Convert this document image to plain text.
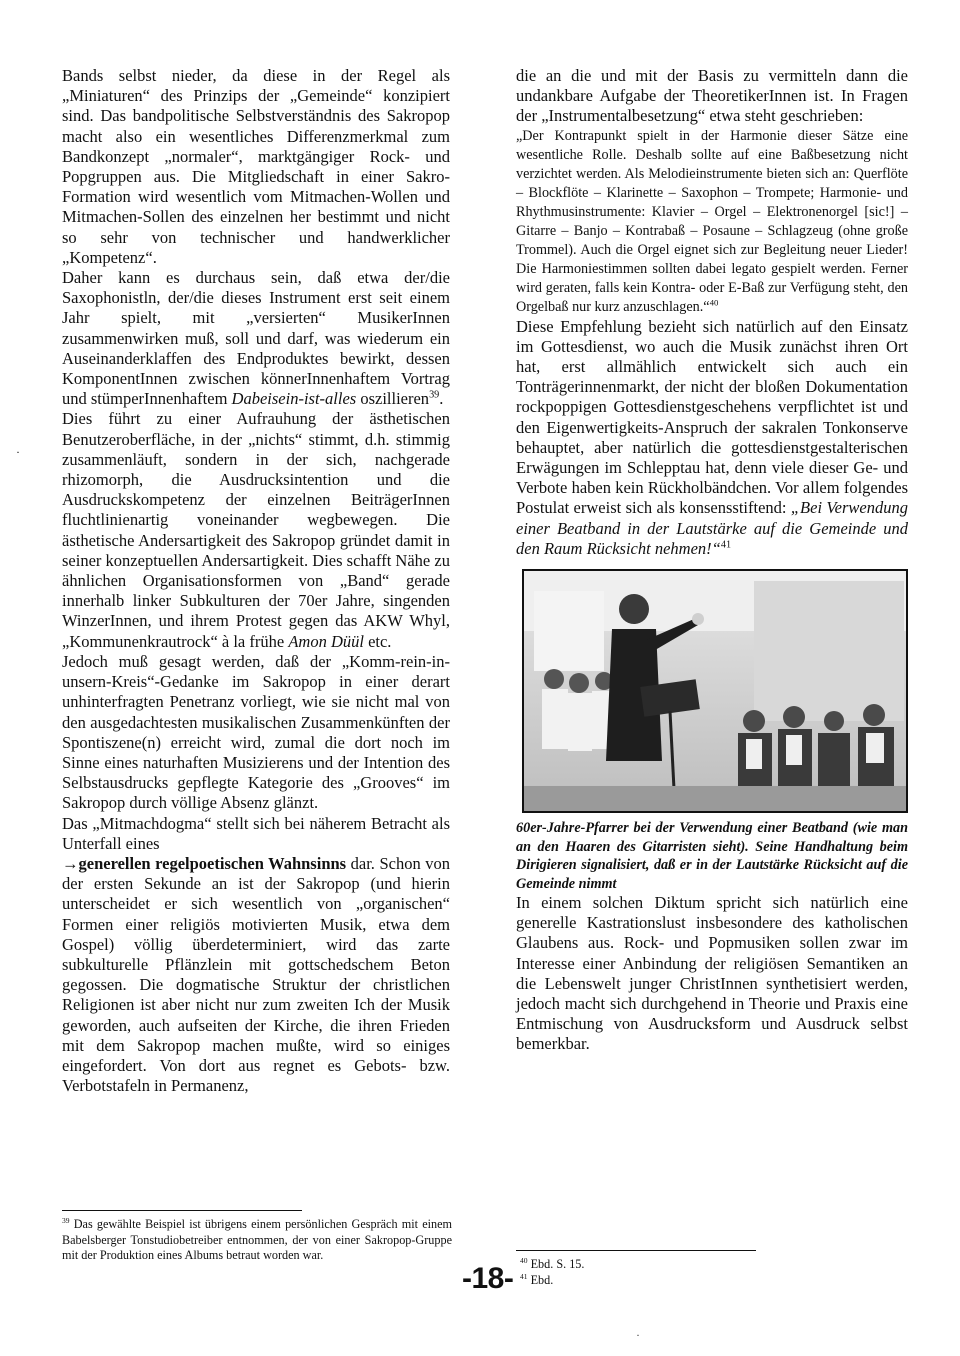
·

Bands selbst nieder, da diese in der Regel als „Miniaturen“ des Prinzips der „Gemeinde“ konzipiert sind. Das bandpolitische Selbstverständnis des Sakropop macht also ein wesentliches Differenzmerkmal zum Bandkonzept „normaler“, marktgängiger Rock- und Popgruppen aus. Die Mitgliedschaft in einer Sakro-Formation wird wesentlich vom Mitmachen-Wollen und Mitmachen-Sollen des einzelnen her bestimmt und nicht so sehr von technischer und handwerklicher „Kompetenz“.

Daher kann es durchaus sein, daß etwa der/die Saxophonistln, der/die dieses Instrument erst seit einem Jahr spielt, mit „versierten“ MusikerInnen zusammenwirken muß, soll und darf, was wiederum ein Auseinanderklaffen des Endproduktes bewirkt, dessen KomponentInnen zwischen könnerInnenhaftem Vortrag und stümperInnenhaftem Dabeisein-ist-alles oszillieren$^{39}$.

Dies führt zu einer Aufrauhung der ästhetischen Benutzeroberfläche, in der „nichts“ stimmt, d.h. stimmig zusammenläuft, sondern in der sich, nachgerade rhizomorph, die Ausdrucksintention und die Ausdruckskompetenz der einzelnen BeiträgerInnen fluchtlinienartig voneinander wegbewegen. Die ästhetische Andersartigkeit des Sakropop gründet damit in seiner konzeptuellen Andersartigkeit. Dies schafft Nähe zu ähnlichen Organisationsformen von „Band“ gerade innerhalb linker Subkulturen der 70er Jahre, singenden WinzerInnen, und ihrem Protest gegen das AKW Whyl, „Kommunenkrautrock“ à la frühe Amon Düül etc.

Jedoch muß gesagt werden, daß der „Komm-rein-in-unsern-Kreis“-Gedanke im Sakropop in einer derart unhinterfragten Penetranz vorliegt, wie sie nicht mal von den ausgedachtesten musikalischen Zusammenkünften der Spontiszene(n) erreicht wird, zumal die dort noch im Sinne eines naturhaften Musizierens und der Intention des Selbstausdrucks gepflegte Kategorie des „Grooves“ im Sakropop durch völlige Absenz glänzt.

Das „Mitmachdogma“ stellt sich bei näherem Betracht als Unterfall eines

→generellen regelpoetischen Wahnsinns dar. Schon von der ersten Sekunde an ist der Sakropop (und hierin unterscheidet er sich wesentlich von „organischen“ Formen einer religiös motivierten Musik, etwa dem Gospel) völlig überdeterminiert, wird das zarte subkulturelle Pflänzlein mit gottschedschem Beton gegossen. Die dogmatische Struktur der christlichen Religionen ist aber nicht nur zum zweiten Ich der Musik geworden, auch aufseiten der Kirche, die ihren Frieden mit dem Sakropop machen mußte, wird so einiges eingefordert. Von dort aus regnet es Gebots- bzw. Verbotstafeln in Permanenz,

die an die und mit der Basis zu vermitteln dann die undankbare Aufgabe der TheoretikerInnen ist. In Fragen der „Instrumentalbesetzung“ etwa steht geschrieben:

„Der Kontrapunkt spielt in der Harmonie dieser Sätze eine wesentliche Rolle. Deshalb sollte auf eine Baßbesetzung nicht verzichtet werden. Als Melodieinstrumente bieten sich an: Querflöte – Blockflöte – Klarinette – Saxophon – Trompete; Harmonie- und Rhythmusinstrumente: Klavier – Orgel – Elektronenorgel [sic!] – Gitarre – Banjo – Kontrabaß – Posaune – Schlagzeug (ohne große Trommel). Auch die Orgel eignet sich zur Begleitung neuer Lieder! Die Harmoniestimmen sollten dabei legato gespielt werden. Ferner wird geraten, falls kein Kontra- oder E-Baß zur Verfügung steht, den Orgelbaß nur kurz anzuschlagen.“$^{40}$

Diese Empfehlung bezieht sich natürlich auf den Einsatz im Gottesdienst, wo auch die Musik zunächst ihren Ort hat, erst allmählich entwickelt sich auch ein Tonträgerinnenmarkt, der nicht der bloßen Dokumentation rockpoppigen Gottesdienstgeschehens verpflichtet ist und den Eigenwertigkeits-Anspruch der sakralen Tonkonserve behauptet, aber natürlich die gottesdienstgestalterischen Erwägungen im Schlepptau hat, denn viele dieser Ge- und Verbote haben kein Rückholbändchen. Vor allem folgendes Postulat erweist sich als konsensstiftend: „Bei Verwendung einer Beatband in der Lautstärke auf die Gemeinde und den Raum Rücksicht nehmen!“$^{41}$

60er-Jahre-Pfarrer bei der Verwendung einer Beatband (wie man an den Haaren des Gitarristen sieht). Seine Handhaltung beim Dirigieren signalisiert, daß er in der Lautstärke Rücksicht auf die Gemeinde nimmt

In einem solchen Diktum spricht sich natürlich eine generelle Kastrationslust insbesondere des katholischen Glaubens aus. Rock- und Popmusiken sollen zwar im Interesse einer Anbindung der religiösen Semantiken an die Lebenswelt junger ChristInnen synthetisiert werden, jedoch macht sich durchgehend in Theorie und Praxis eine Entmischung von Ausdrucksform und Ausdruck selbst bemerkbar.

$^{39}$ Das gewählte Beispiel ist übrigens einem persönlichen Gespräch mit einem Babelsberger Tonstudiobetreiber entnommen, der von einer Sakropop-Gruppe mit der Produktion eines Albums betraut worden war.	$^{40}$ Ebd. S. 15.

$^{41}$ Ebd.

-18-
·
